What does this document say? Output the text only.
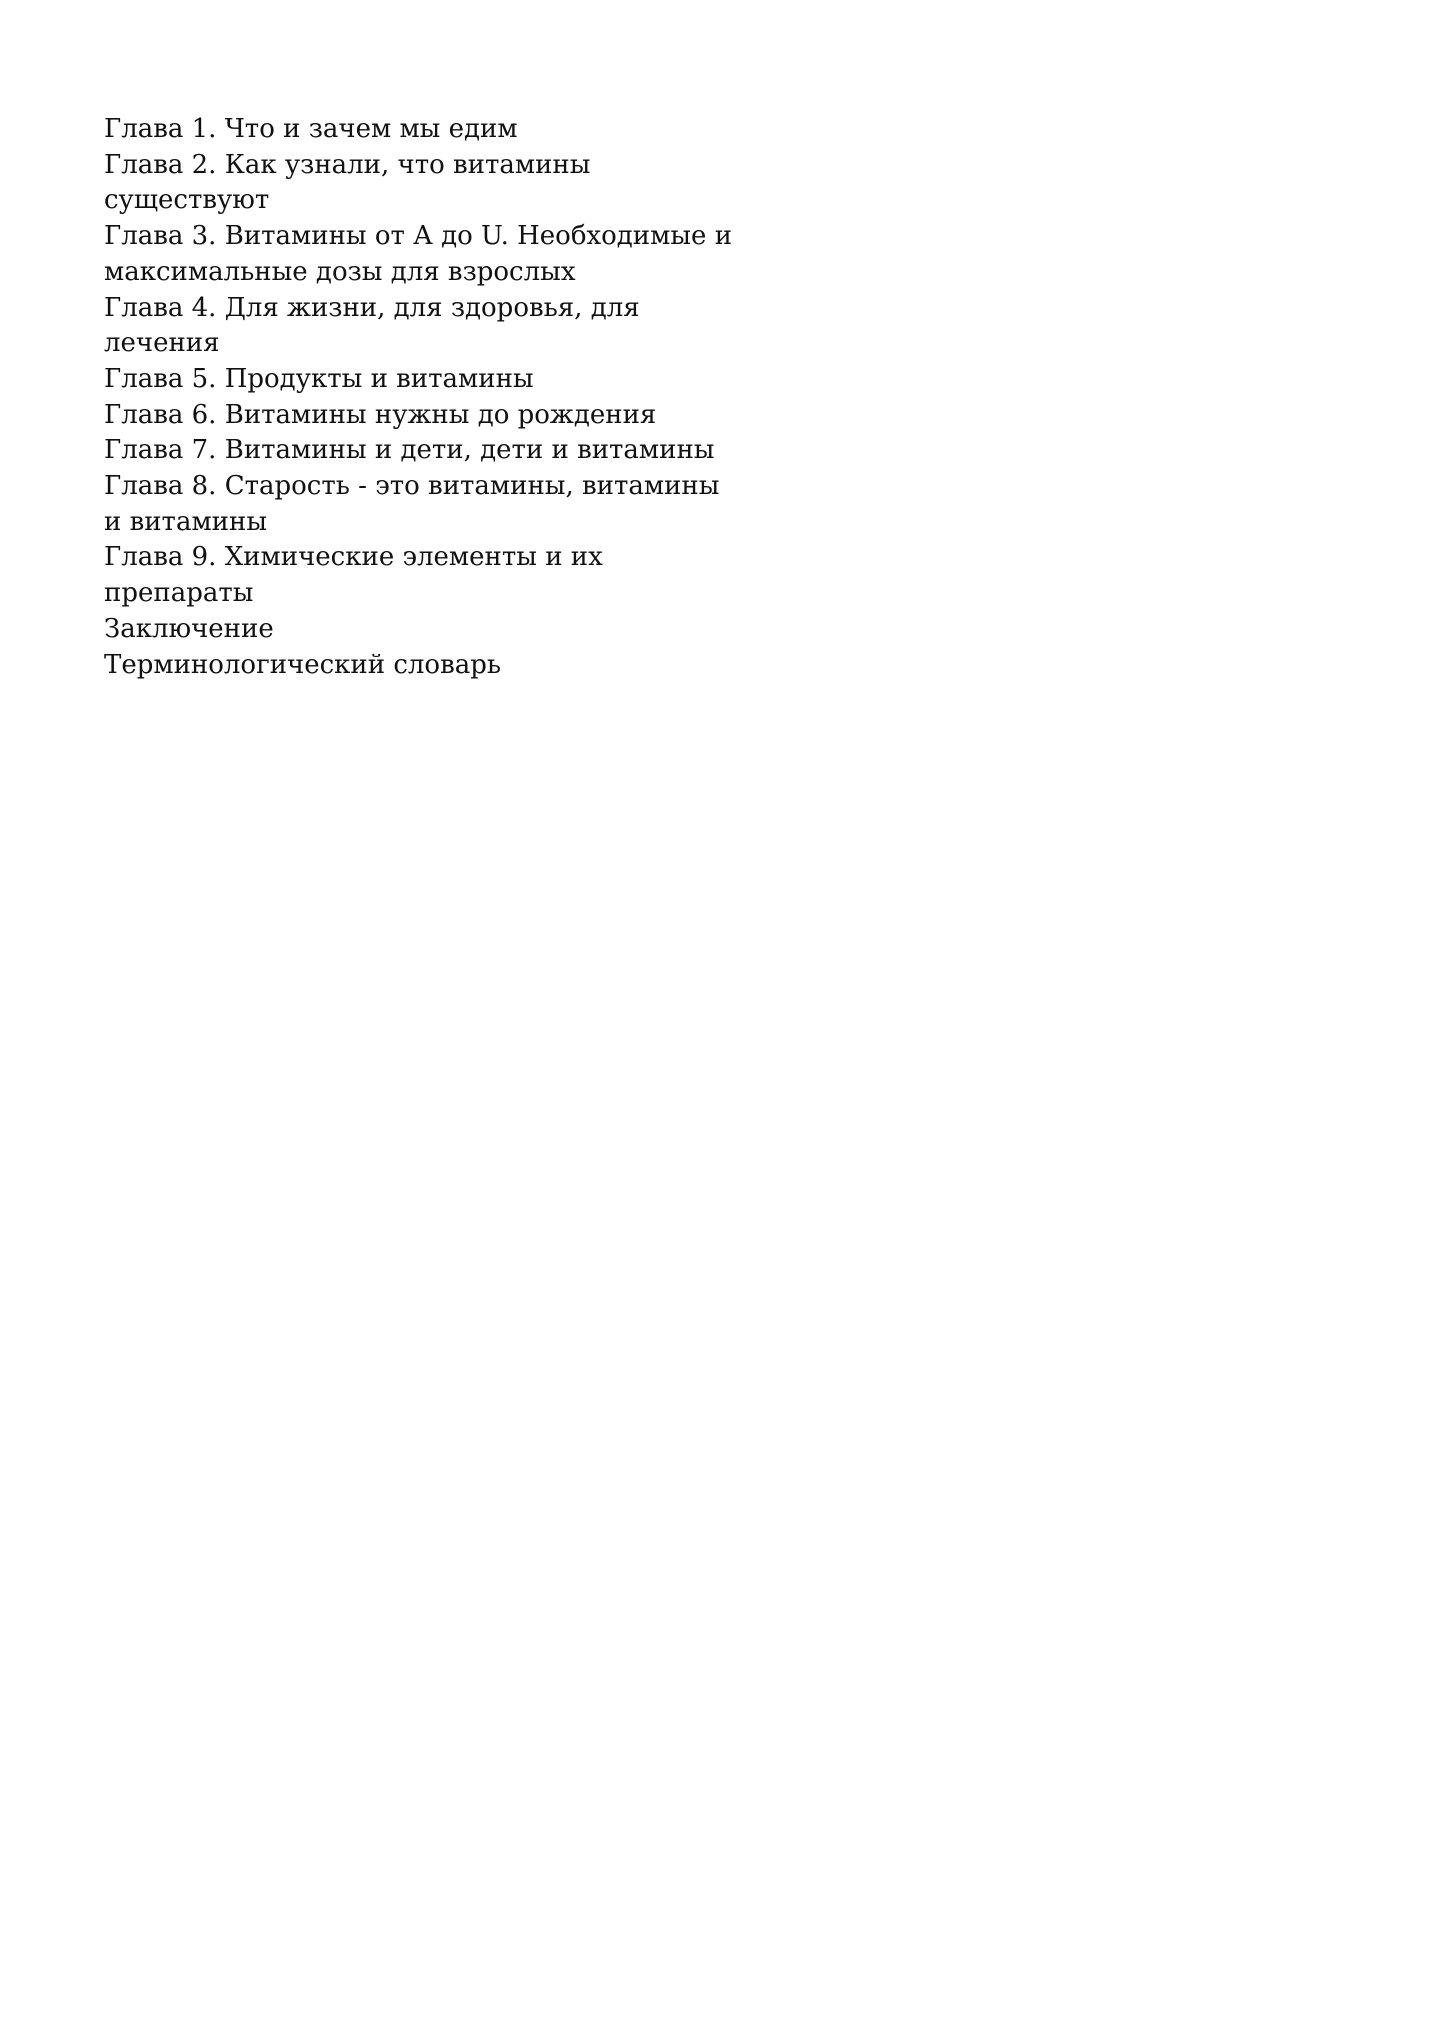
Глава 1. Что и зачем мы едим
Глава 2. Как узнали, что витамины существуют
Глава 3. Витамины от А до U. Необходимые и максимальные дозы для взрослых
Глава 4. Для жизни, для здоровья, для лечения
Глава 5. Продукты и витамины
Глава 6. Витамины нужны до рождения
Глава 7. Витамины и дети, дети и витамины
Глава 8. Старость - это витамины, витамины и витамины
Глава 9. Химические элементы и их препараты
Заключение
Терминологический словарь
